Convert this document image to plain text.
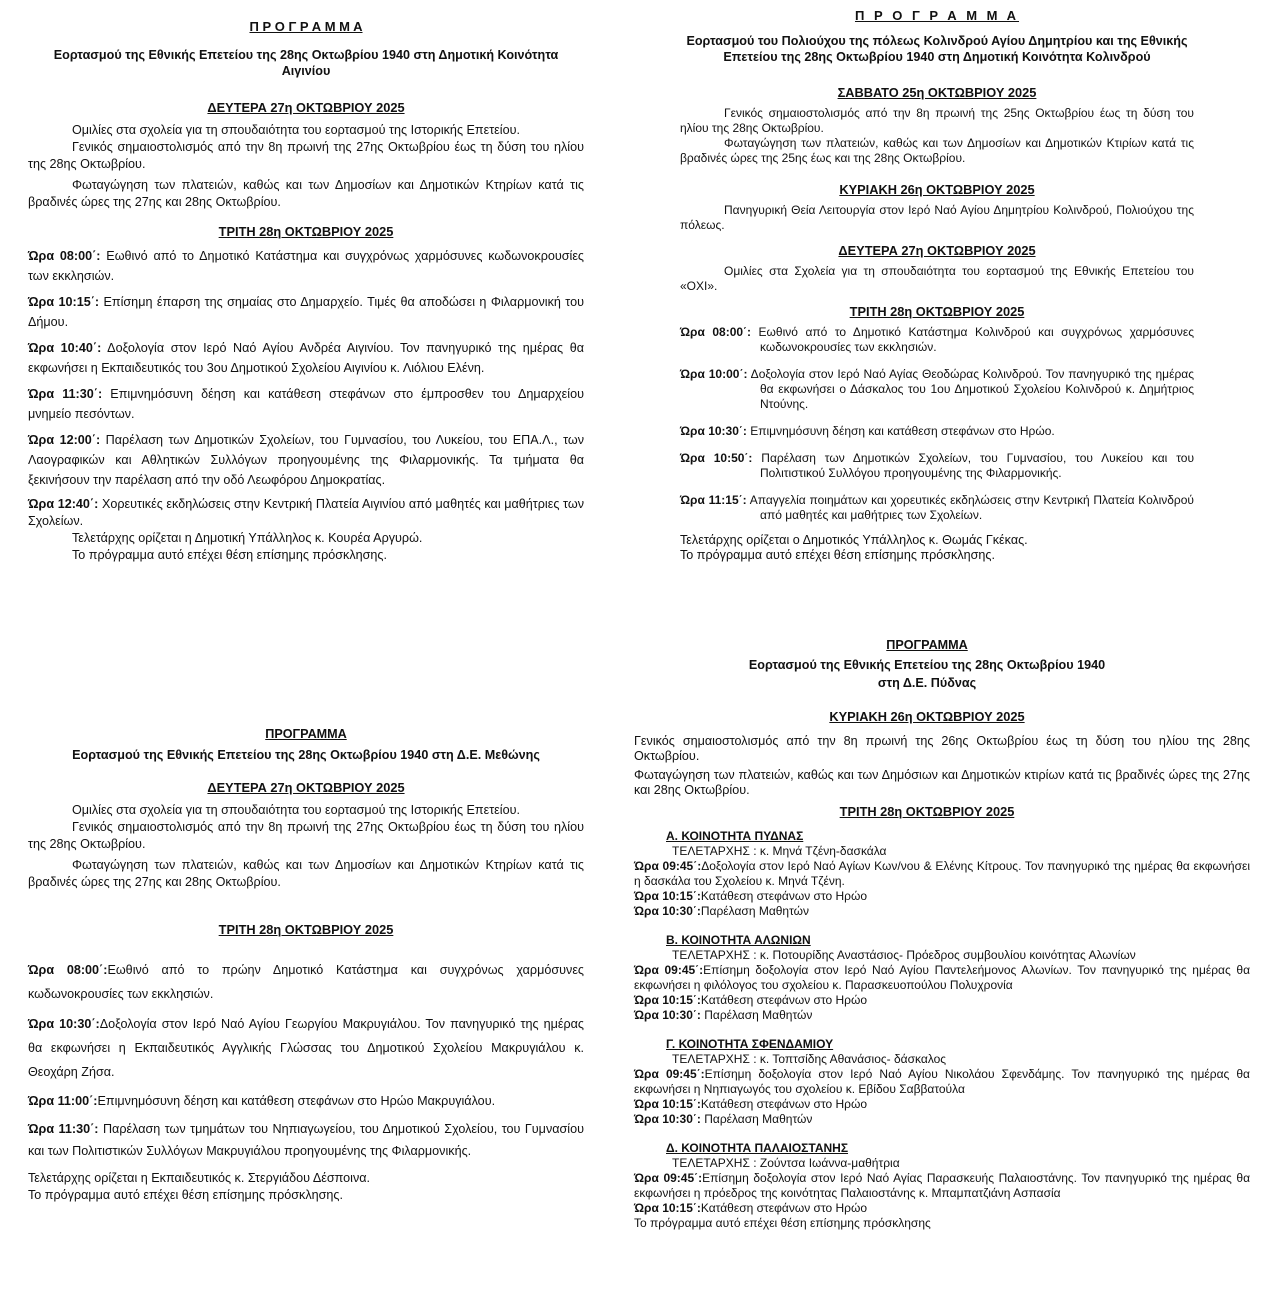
Π Ρ Ο Γ Ρ Α Μ Μ Α
Εορτασμού της Εθνικής Επετείου της 28ης Οκτωβρίου 1940 στη Δημοτική Κοινότητα Αιγινίου
ΔΕΥΤΕΡΑ 27η ΟΚΤΩΒΡΙΟΥ 2025
Ομιλίες στα σχολεία για τη σπουδαιότητα του εορτασμού της Ιστορικής Επετείου.
Γενικός σημαιοστολισμός από την 8η πρωινή της 27ης Οκτωβρίου έως τη δύση του ηλίου της 28ης Οκτωβρίου.
Φωταγώγηση των πλατειών, καθώς και των Δημοσίων και Δημοτικών Κτηρίων κατά τις βραδινές ώρες της 27ης και 28ης Οκτωβρίου.
ΤΡΙΤΗ 28η ΟΚΤΩΒΡΙΟΥ 2025
Ώρα 08:00΄: Εωθινό από το Δημοτικό Κατάστημα και συγχρόνως χαρμόσυνες κωδωνοκρουσίες των εκκλησιών.
Ώρα 10:15΄: Επίσημη έπαρση της σημαίας στο Δημαρχείο. Τιμές θα αποδώσει η Φιλαρμονική του Δήμου.
Ώρα 10:40΄: Δοξολογία στον Ιερό Ναό Αγίου Ανδρέα Αιγινίου. Τον πανηγυρικό της ημέρας θα εκφωνήσει η Εκπαιδευτικός του 3ου Δημοτικού Σχολείου Αιγινίου κ. Λιόλιου Ελένη.
Ώρα 11:30΄: Επιμνημόσυνη δέηση και κατάθεση στεφάνων στο έμπροσθεν του Δημαρχείου μνημείο πεσόντων.
Ώρα 12:00΄: Παρέλαση των Δημοτικών Σχολείων, του Γυμνασίου, του Λυκείου, του ΕΠΑ.Λ., των Λαογραφικών και Αθλητικών Συλλόγων προηγουμένης της Φιλαρμονικής. Τα τμήματα θα ξεκινήσουν την παρέλαση από την οδό Λεωφόρου Δημοκρατίας.
Ώρα 12:40΄: Χορευτικές εκδηλώσεις στην Κεντρική Πλατεία Αιγινίου από μαθητές και μαθήτριες των Σχολείων.
Τελετάρχης ορίζεται η Δημοτική Υπάλληλος κ. Κουρέα Αργυρώ.
Το πρόγραμμα αυτό επέχει θέση επίσημης πρόσκλησης.
Π Ρ Ο Γ Ρ Α Μ Μ Α
Εορτασμού του Πολιούχου της πόλεως Κολινδρού Αγίου Δημητρίου και της Εθνικής Επετείου της 28ης Οκτωβρίου 1940 στη Δημοτική Κοινότητα Κολινδρού
ΣΑΒΒΑΤΟ 25η ΟΚΤΩΒΡΙΟΥ 2025
Γενικός σημαιοστολισμός από την 8η πρωινή της 25ης Οκτωβρίου έως τη δύση του ηλίου της 28ης Οκτωβρίου.
Φωταγώγηση των πλατειών, καθώς και των Δημοσίων και Δημοτικών Κτιρίων κατά τις βραδινές ώρες της 25ης έως και της 28ης Οκτωβρίου.
ΚΥΡΙΑΚΗ 26η ΟΚΤΩΒΡΙΟΥ 2025
Πανηγυρική Θεία Λειτουργία στον Ιερό Ναό Αγίου Δημητρίου Κολινδρού, Πολιούχου της πόλεως.
ΔΕΥΤΕΡΑ 27η ΟΚΤΩΒΡΙΟΥ 2025
Ομιλίες στα Σχολεία για τη σπουδαιότητα του εορτασμού της Εθνικής Επετείου του «ΟΧΙ».
ΤΡΙΤΗ 28η ΟΚΤΩΒΡΙΟΥ 2025
Ώρα 08:00΄: Εωθινό από το Δημοτικό Κατάστημα Κολινδρού και συγχρόνως χαρμόσυνες κωδωνοκρουσίες των εκκλησιών.
Ώρα 10:00΄: Δοξολογία στον Ιερό Ναό Αγίας Θεοδώρας Κολινδρού. Τον πανηγυρικό της ημέρας θα εκφωνήσει ο Δάσκαλος του 1ου Δημοτικού Σχολείου Κολινδρού κ. Δημήτριος Ντούνης.
Ώρα 10:30΄: Επιμνημόσυνη δέηση και κατάθεση στεφάνων στο Ηρώο.
Ώρα 10:50΄: Παρέλαση των Δημοτικών Σχολείων, του Γυμνασίου, του Λυκείου και του Πολιτιστικού Συλλόγου προηγουμένης της Φιλαρμονικής.
Ώρα 11:15΄: Απαγγελία ποιημάτων και χορευτικές εκδηλώσεις στην Κεντρική Πλατεία Κολινδρού από μαθητές και μαθήτριες των Σχολείων.
Τελετάρχης ορίζεται ο Δημοτικός Υπάλληλος κ. Θωμάς Γκέκας.
Το πρόγραμμα αυτό επέχει θέση επίσημης πρόσκλησης.
ΠΡΟΓΡΑΜΜΑ
Εορτασμού της Εθνικής Επετείου της 28ης Οκτωβρίου 1940 στη Δ.Ε. Μεθώνης
ΔΕΥΤΕΡΑ 27η ΟΚΤΩΒΡΙΟΥ 2025
Ομιλίες στα σχολεία για τη σπουδαιότητα του εορτασμού της Ιστορικής Επετείου.
Γενικός σημαιοστολισμός από την 8η πρωινή της 27ης Οκτωβρίου έως τη δύση του ηλίου της 28ης Οκτωβρίου.
Φωταγώγηση των πλατειών, καθώς και των Δημοσίων και Δημοτικών Κτηρίων κατά τις βραδινές ώρες της 27ης και 28ης Οκτωβρίου.
ΤΡΙΤΗ 28η ΟΚΤΩΒΡΙΟΥ 2025
Ώρα 08:00΄:Εωθινό από το πρώην Δημοτικό Κατάστημα και συγχρόνως χαρμόσυνες κωδωνοκρουσίες των εκκλησιών.
Ώρα 10:30΄:Δοξολογία στον Ιερό Ναό Αγίου Γεωργίου Μακρυγιάλου. Τον πανηγυρικό της ημέρας θα εκφωνήσει η Εκπαιδευτικός Αγγλικής Γλώσσας του Δημοτικού Σχολείου Μακρυγιάλου κ. Θεοχάρη Ζήσα.
Ώρα 11:00΄:Επιμνημόσυνη δέηση και κατάθεση στεφάνων στο Ηρώο Μακρυγιάλου.
Ώρα 11:30΄: Παρέλαση των τμημάτων του Νηπιαγωγείου, του Δημοτικού Σχολείου, του Γυμνασίου και των Πολιτιστικών Συλλόγων Μακρυγιάλου προηγουμένης της Φιλαρμονικής.
Τελετάρχης ορίζεται η Εκπαιδευτικός κ. Στεργιάδου Δέσποινα.
Το πρόγραμμα αυτό επέχει θέση επίσημης πρόσκλησης.
ΠΡΟΓΡΑΜΜΑ
Εορτασμού της Εθνικής Επετείου της 28ης Οκτωβρίου 1940
στη Δ.Ε. Πύδνας
ΚΥΡΙΑΚΗ 26η ΟΚΤΩΒΡΙΟΥ 2025
Γενικός σημαιοστολισμός από την 8η πρωινή της 26ης Οκτωβρίου έως τη δύση του ηλίου της 28ης Οκτωβρίου.
Φωταγώγηση των πλατειών, καθώς και των Δημόσιων και Δημοτικών κτιρίων κατά τις βραδινές ώρες της 27ης και 28ης Οκτωβρίου.
ΤΡΙΤΗ 28η ΟΚΤΩΒΡΙΟΥ 2025
Α. ΚΟΙΝΟΤΗΤΑ ΠΥΔΝΑΣ
ΤΕΛΕΤΑΡΧΗΣ : κ. Μηνά Τζένη-δασκάλα
Ώρα 09:45΄:Δοξολογία στον Ιερό Ναό Αγίων Κων/νου & Ελένης Κίτρους. Τον πανηγυρικό της ημέρας θα εκφωνήσει η δασκάλα του Σχολείου κ. Μηνά Τζένη.
Ώρα 10:15΄:Κατάθεση στεφάνων στο Ηρώο
Ώρα 10:30΄:Παρέλαση Μαθητών
Β. ΚΟΙΝΟΤΗΤΑ ΑΛΩΝΙΩΝ
ΤΕΛΕΤΑΡΧΗΣ : κ. Ποτουρίδης Αναστάσιος- Πρόεδρος συμβουλίου κοινότητας Αλωνίων
Ώρα 09:45΄:Επίσημη δοξολογία στον Ιερό Ναό Αγίου Παντελεήμονος Αλωνίων. Τον πανηγυρικό της ημέρας θα εκφωνήσει η φιλόλογος του σχολείου κ. Παρασκευοπούλου Πολυχρονία
Ώρα 10:15΄:Κατάθεση στεφάνων στο Ηρώο
Ώρα 10:30΄: Παρέλαση Μαθητών
Γ. ΚΟΙΝΟΤΗΤΑ ΣΦΕΝΔΑΜΙΟΥ
ΤΕΛΕΤΑΡΧΗΣ : κ. Τοπτσίδης Αθανάσιος- δάσκαλος
Ώρα 09:45΄:Επίσημη δοξολογία στον Ιερό Ναό Αγίου Νικολάου Σφενδάμης. Τον πανηγυρικό της ημέρας θα εκφωνήσει η Νηπιαγωγός του σχολείου κ. Εβίδου Σαββατούλα
Ώρα 10:15΄:Κατάθεση στεφάνων στο Ηρώο
Ώρα 10:30΄: Παρέλαση Μαθητών
Δ. ΚΟΙΝΟΤΗΤΑ ΠΑΛΑΙΟΣΤΑΝΗΣ
ΤΕΛΕΤΑΡΧΗΣ : Ζούντσα Ιωάννα-μαθήτρια
Ώρα 09:45΄:Επίσημη δοξολογία στον Ιερό Ναό Αγίας Παρασκευής Παλαιοστάνης. Τον πανηγυρικό της ημέρας θα εκφωνήσει η πρόεδρος της κοινότητας Παλαιοστάνης κ. Μπαμπατζιάνη Ασπασία
Ώρα 10:15΄:Κατάθεση στεφάνων στο Ηρώο
Το πρόγραμμα αυτό επέχει θέση επίσημης πρόσκλησης
